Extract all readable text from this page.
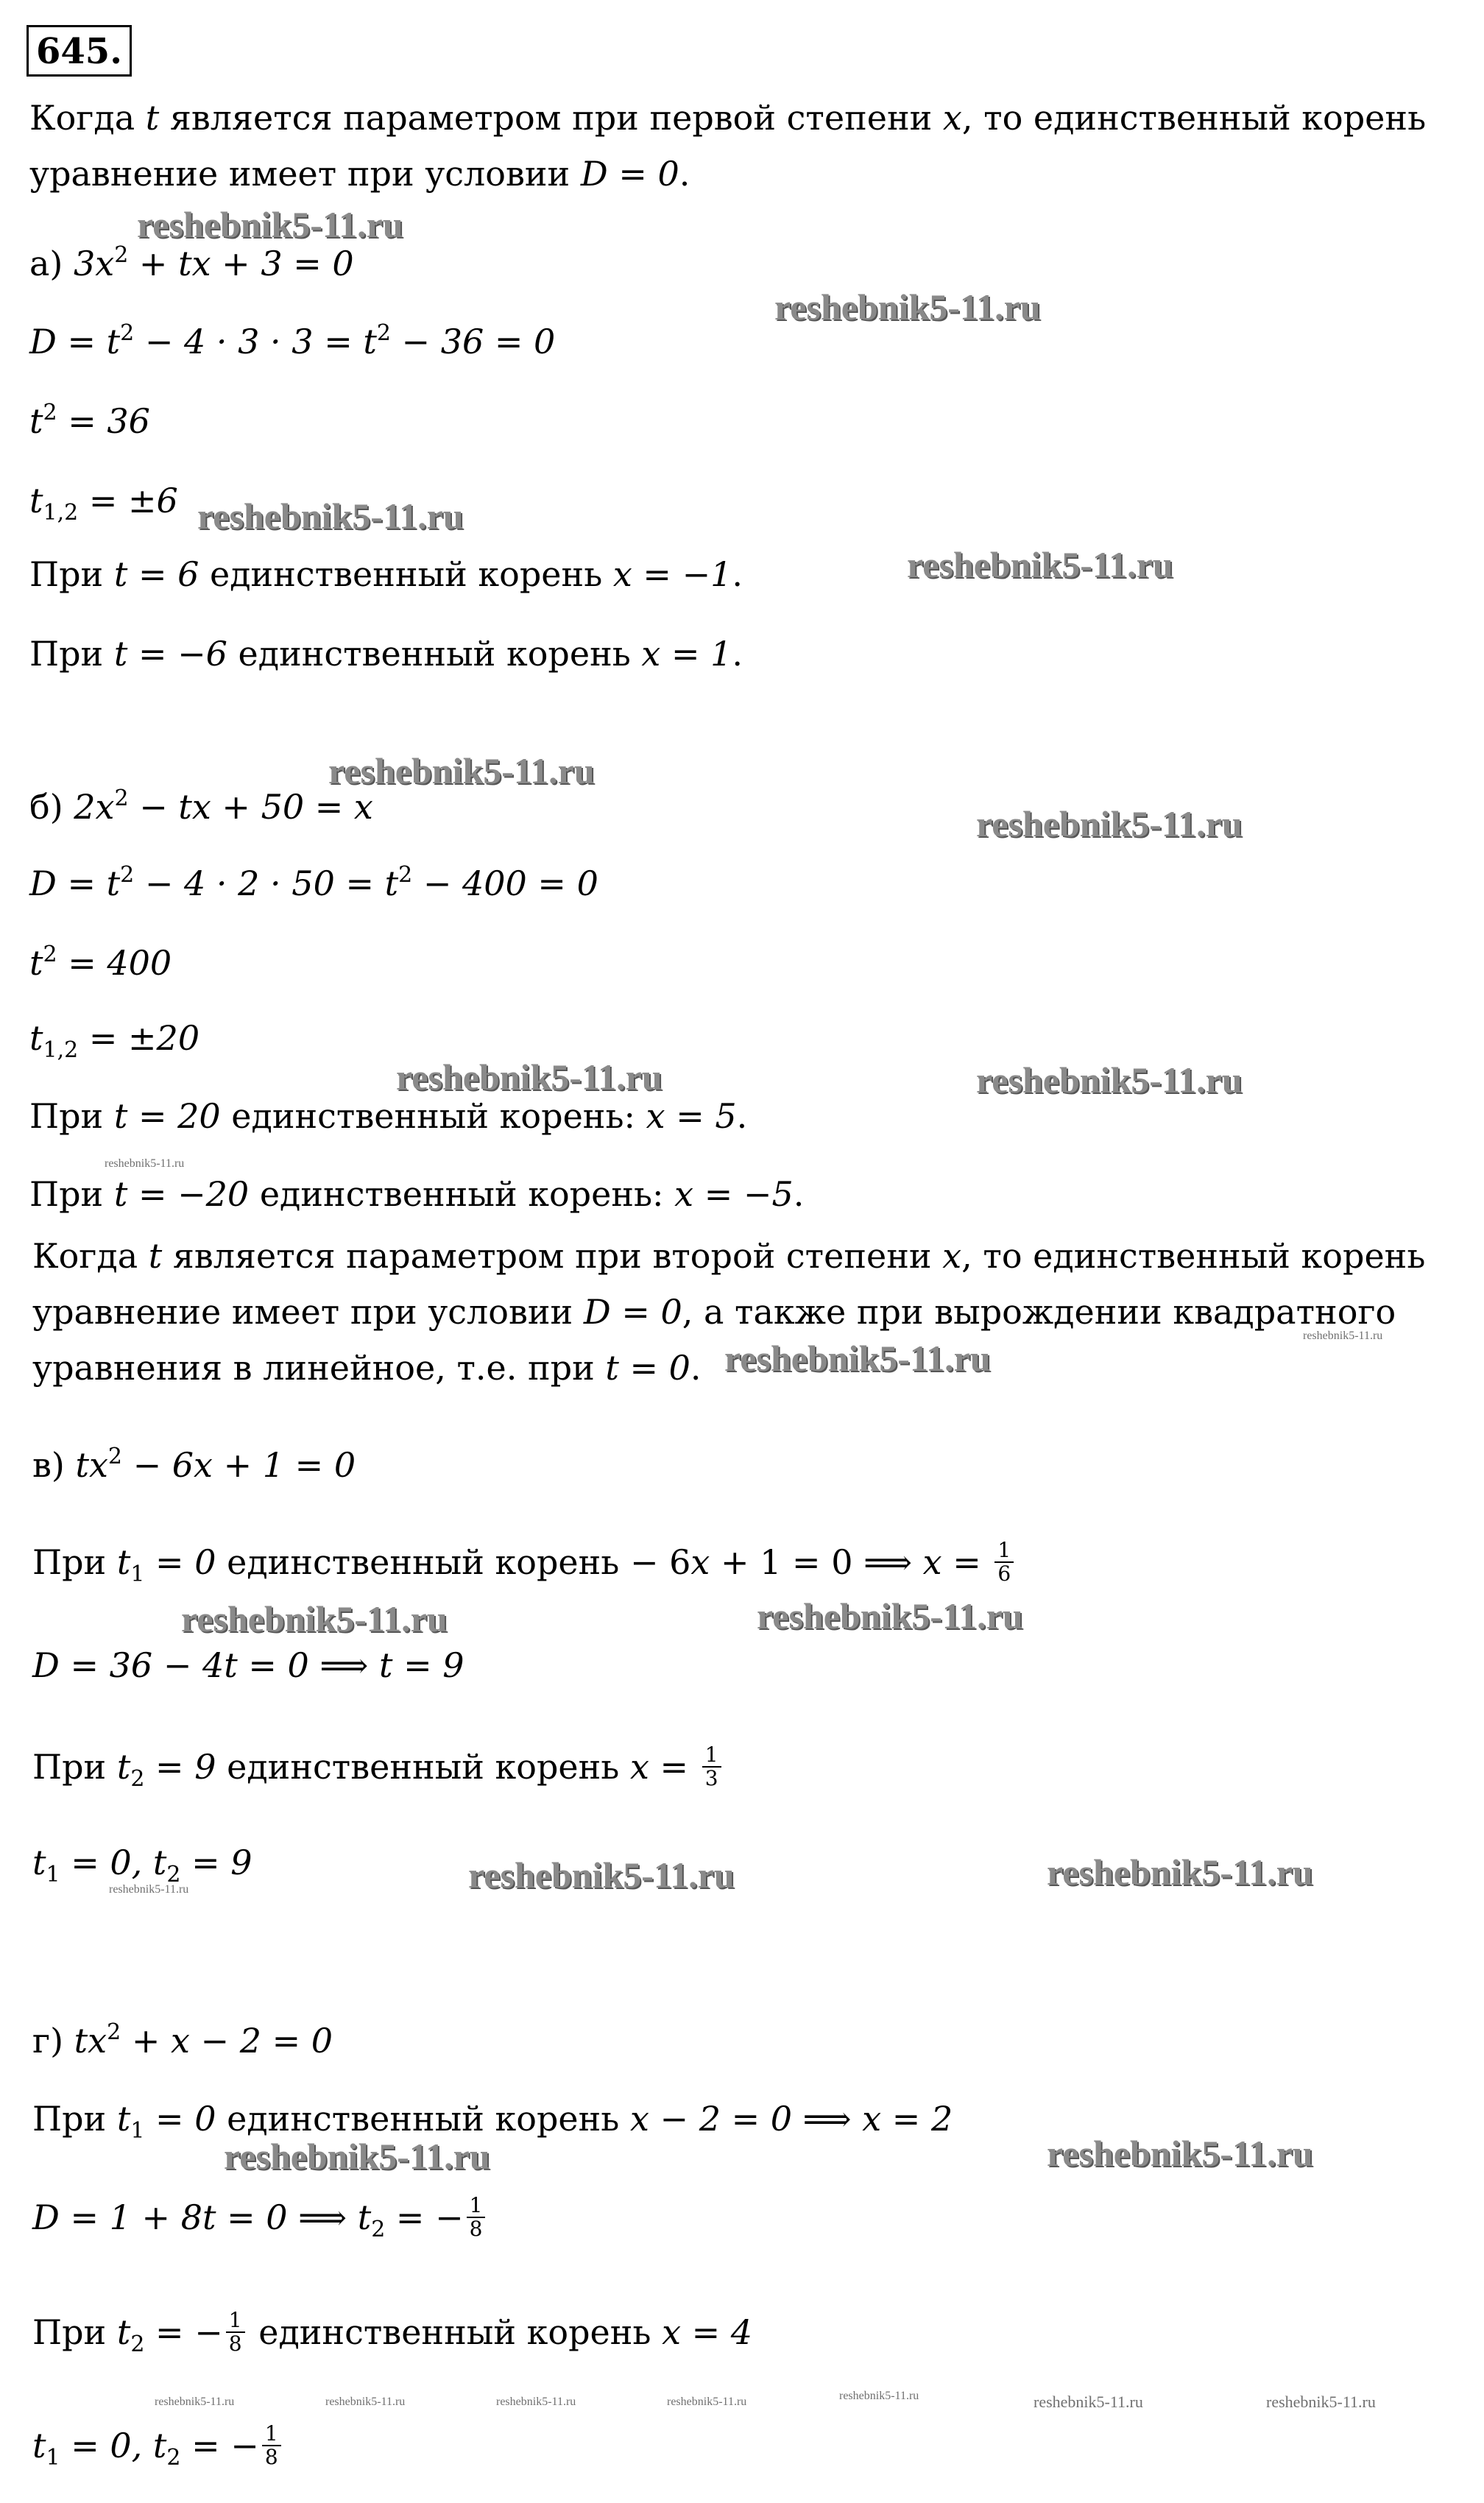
645.

Когда t является параметром при первой степени x, то единственный корень

уравнение имеет при условии D = 0.

а) $3x^2$ + tx + 3 = 0

$D = t^2 - 4 \cdot 3 \cdot 3 = t^2 - 36 = 0$

$t^2 = 36$

$t_{1,2} = \pm 6$

При t = 6 единственный корень x = −1.

При t = −6 единственный корень x = 1.

б) $2x^2$ − tx + 50 = x

$D = t^2 - 4 \cdot 2 \cdot 50 = t^2 - 400 = 0$

$t^2 = 400$

$t_{1,2} = \pm 20$

При t = 20 единственный корень: x = 5.

При t = −20 единственный корень: x = −5.

Когда t является параметром при второй степени x, то единственный корень

уравнение имеет при условии D = 0, а также при вырождении квадратного

уравнения в линейное, т.е. при t = 0.

в) $tx^2 - 6x + 1 = 0$

При $t_1 = 0$ единственный корень − 6x + 1 = 0 ⟹ $x = \frac{1}{6}$

D = 36 − 4t = 0 ⟹ t = 9

При $t_2 = 9$ единственный корень $x = \frac{1}{3}$

$t_1 = 0$, $t_2 = 9$

г) $tx^2 + x - 2 = 0$

При $t_1 = 0$ единственный корень x − 2 = 0 ⟹ x = 2

D = 1 + 8t = 0 ⟹ $t_2$ = − $\frac{1}{8}$

При $t_2$ = − $\frac{1}{8}$ единственный корень x = 4

$t_1 = 0$, $t_2$ = − $\frac{1}{8}$

reshebnik5-11.ru
reshebnik5-11.ru
reshebnik5-11.ru
reshebnik5-11.ru
reshebnik5-11.ru
reshebnik5-11.ru
reshebnik5-11.ru	reshebnik5-11.ru
reshebnik5-11.ru
reshebnik5-11.ru	reshebnik5-11.ru
reshebnik5-11.ru	reshebnik5-11.ru
reshebnik5-11.ru	reshebnik5-11.ru
reshebnik5-11.ru
reshebnik5-11.ru
reshebnik5-11.ru
reshebnik5-11.ru	reshebnik5-11.ru	reshebnik5-11.ru	reshebnik5-11.ru	reshebnik5-11.ru	reshebnik5-11.ru	reshebnik5-11.ru
